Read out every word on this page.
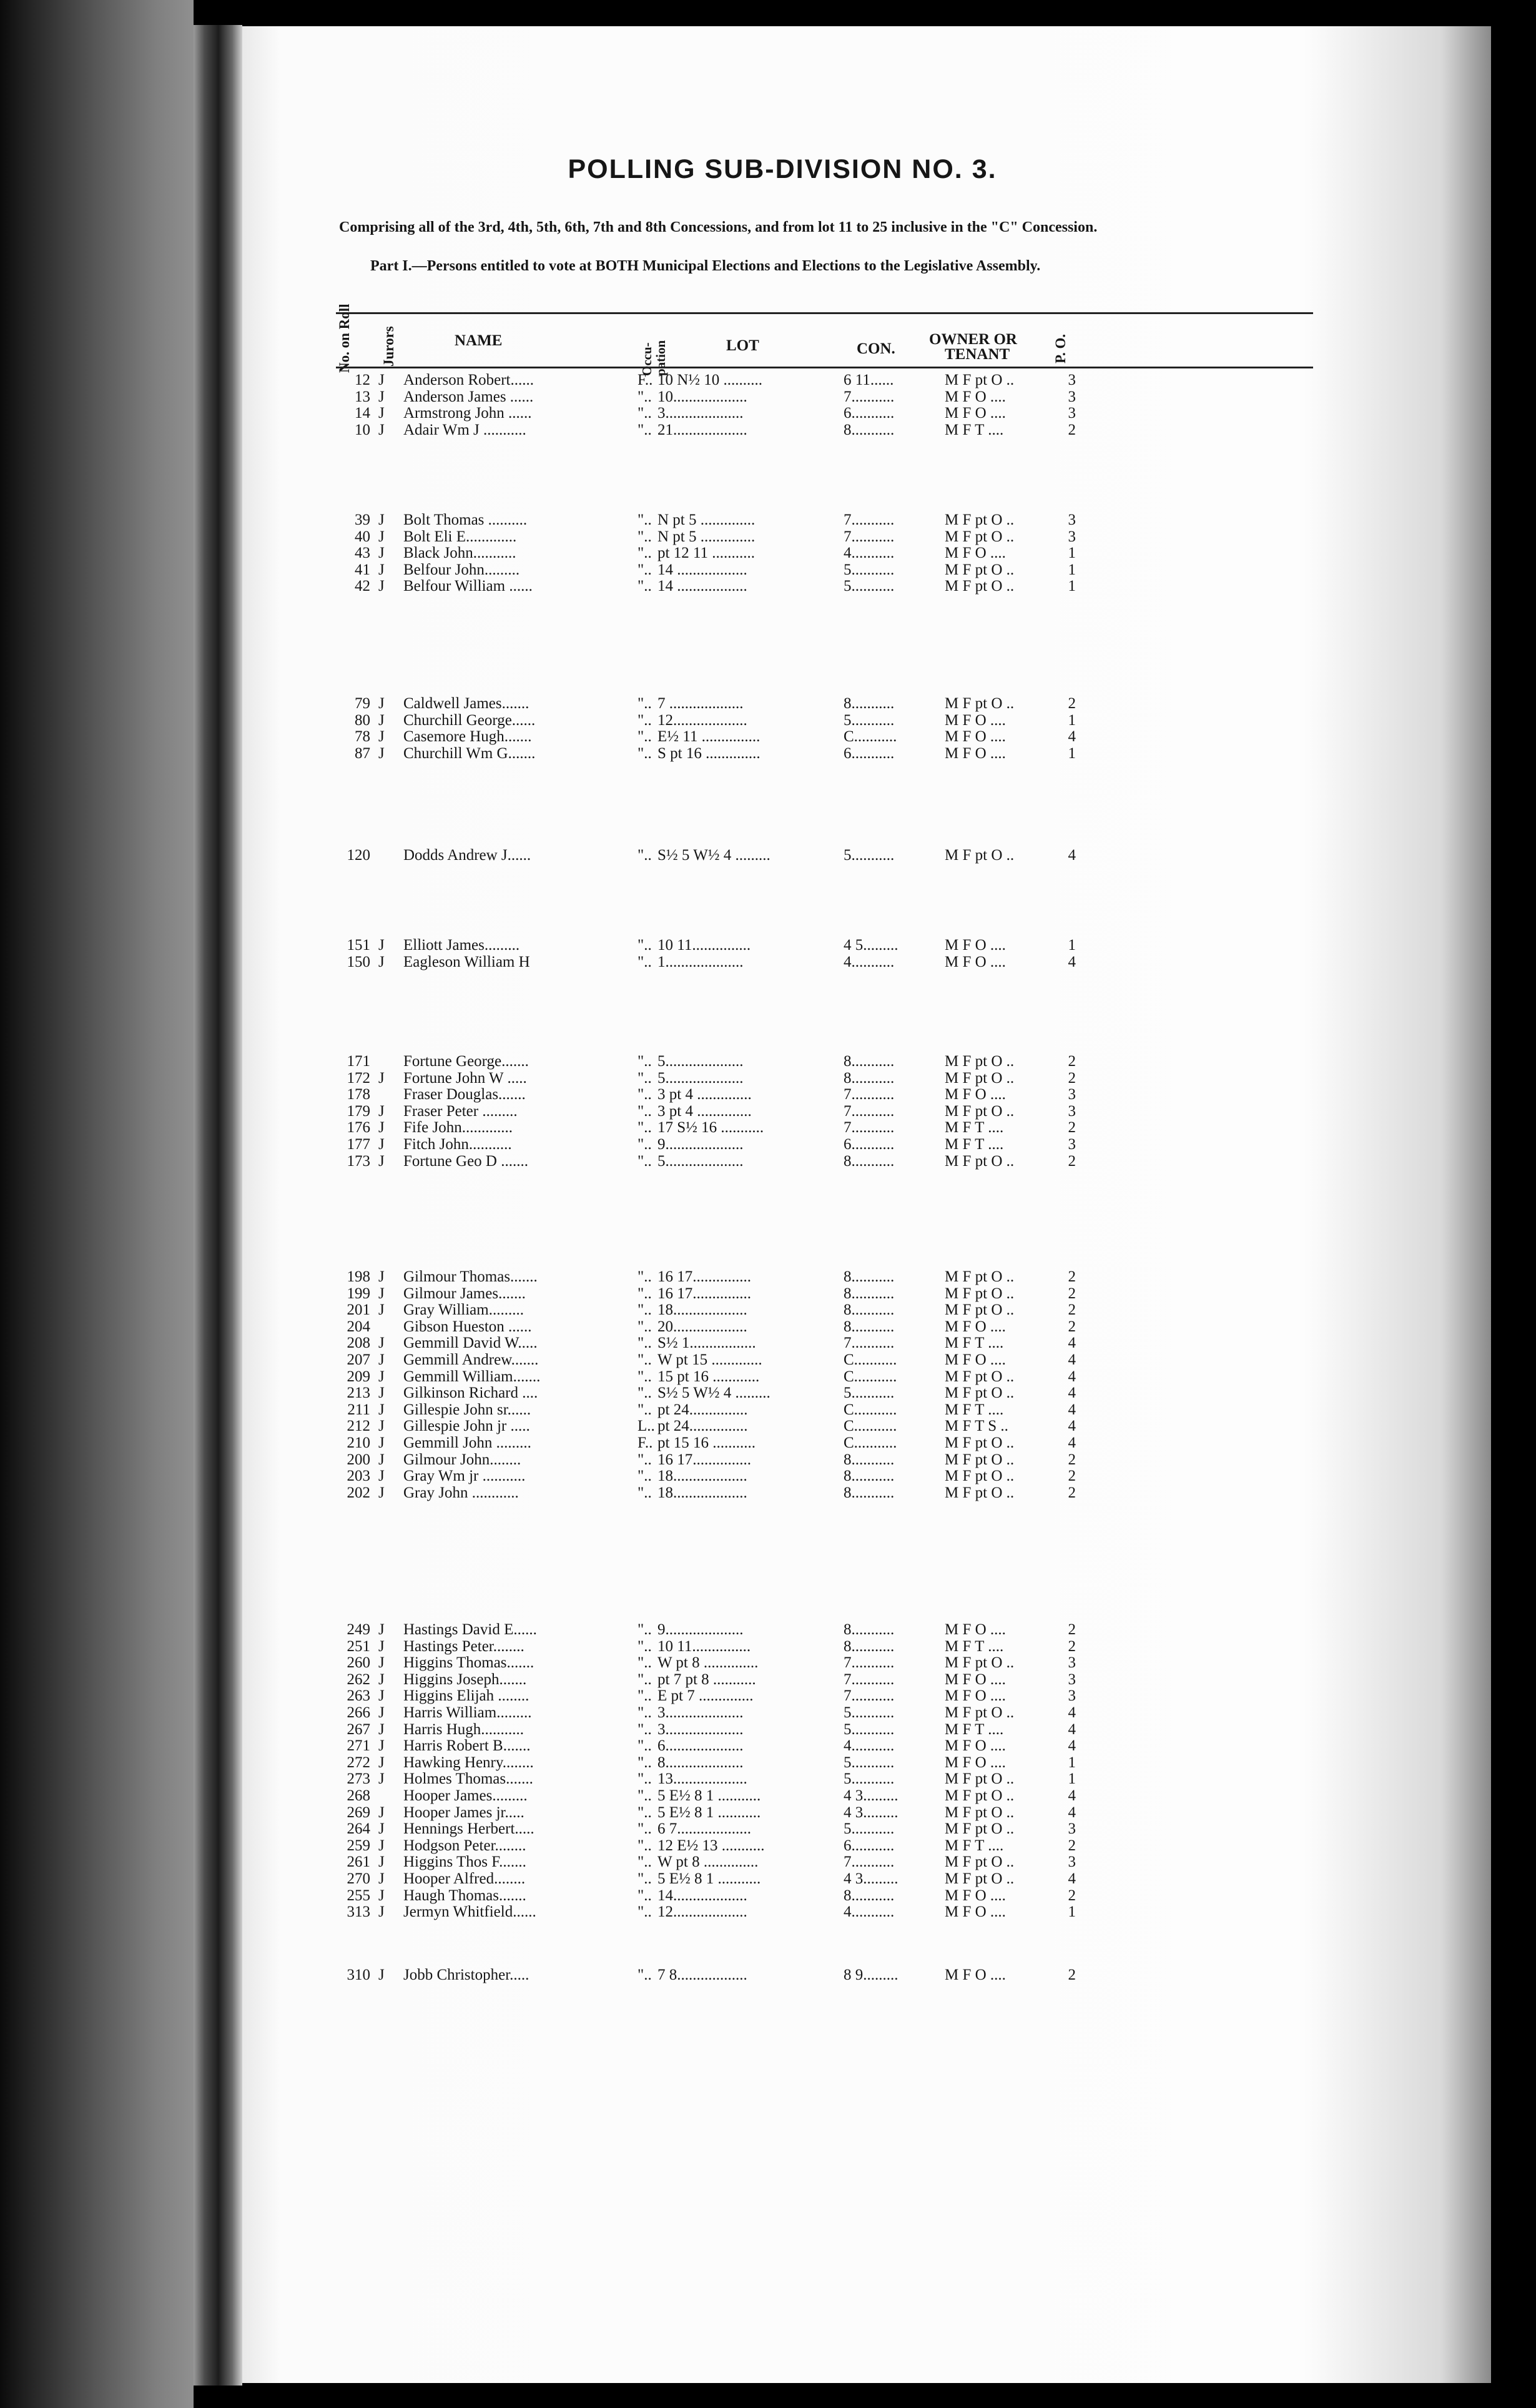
POLLING SUB-DIVISION NO. 3.
Comprising all of the 3rd, 4th, 5th, 6th, 7th and 8th Concessions, and from lot 11 to 25 inclusive in the "C" Concession.
Part I.—Persons entitled to vote at BOTH Municipal Elections and Elections to the Legislative Assembly.
No. on Roll Jurors	NAME
Occu-pation	LOT	CON.
OWNER OR
TENANT	P. O.
12 J	Anderson Robert......	F.. 10 N½ 10 ..........	6 11......	M F pt O ..	3
13 J	Anderson James ......	".. 10...................	7...........	M F O ....	3
14 J	Armstrong John ......	".. 3....................	6...........	M F O ....	3
10 J	Adair Wm J ...........	".. 21...................	8...........	M F T ....	2
39 J	Bolt Thomas ..........	".. N pt 5 ..............	7...........	M F pt O ..	3
40 J	Bolt Eli E.............	".. N pt 5 ..............	7...........	M F pt O ..	3
43 J	Black John...........	".. pt 12 11 ...........	4...........	M F O ....	1
41 J	Belfour John.........	".. 14 ..................	5...........	M F pt O ..	1
42 J	Belfour William ......	".. 14 ..................	5...........	M F pt O ..	1
79 J	Caldwell James.......	".. 7 ...................	8...........	M F pt O ..	2
80 J	Churchill George......	".. 12...................	5...........	M F O ....	1
78 J	Casemore Hugh.......	".. E½ 11 ...............	C...........	M F O ....	4
87 J	Churchill Wm G.......	".. S pt 16 ..............	6...........	M F O ....	1
120 Dodds Andrew J......	".. S½ 5 W½ 4 .........	5...........	M F pt O ..	4
151 J	Elliott James.........	".. 10 11...............	4 5.........	M F O ....	1
150 J	Eagleson William H	".. 1....................	4...........	M F O ....	4
171 Fortune George.......	".. 5....................	8...........	M F pt O ..	2
172 J	Fortune John W .....	".. 5....................	8...........	M F pt O ..	2
178 Fraser Douglas.......	".. 3 pt 4 ..............	7...........	M F O ....	3
179 J	Fraser Peter .........	".. 3 pt 4 ..............	7...........	M F pt O ..	3
176 J	Fife John.............	".. 17 S½ 16 ...........	7...........	M F T ....	2
177 J	Fitch John...........	".. 9....................	6...........	M F T ....	3
173 J	Fortune Geo D .......	".. 5....................	8...........	M F pt O ..	2
198 J	Gilmour Thomas.......	".. 16 17...............	8...........	M F pt O ..	2
199 J	Gilmour James.......	".. 16 17...............	8...........	M F pt O ..	2
201 J	Gray William.........	".. 18...................	8...........	M F pt O ..	2
204 Gibson Hueston ......	".. 20...................	8...........	M F O ....	2
208 J	Gemmill David W.....	".. S½ 1.................	7...........	M F T ....	4
207 J	Gemmill Andrew.......	".. W pt 15 .............	C...........	M F O ....	4
209 J	Gemmill William.......	".. 15 pt 16 ............	C...........	M F pt O ..	4
213 J	Gilkinson Richard ....	".. S½ 5 W½ 4 .........	5...........	M F pt O ..	4
211 J	Gillespie John sr......	".. pt 24...............	C...........	M F T ....	4
212 J	Gillespie John jr .....	L.. pt 24...............	C...........	M F T S ..	4
210 J	Gemmill John .........	F.. pt 15 16 ...........	C...........	M F pt O ..	4
200 J	Gilmour John........	".. 16 17...............	8...........	M F pt O ..	2
203 J	Gray Wm jr ...........	".. 18...................	8...........	M F pt O ..	2
202 J	Gray John ............	".. 18...................	8...........	M F pt O ..	2
249 J	Hastings David E......	".. 9....................	8...........	M F O ....	2
251 J	Hastings Peter........	".. 10 11...............	8...........	M F T ....	2
260 J	Higgins Thomas.......	".. W pt 8 ..............	7...........	M F pt O ..	3
262 J	Higgins Joseph.......	".. pt 7 pt 8 ...........	7...........	M F O ....	3
263 J	Higgins Elijah ........	".. E pt 7 ..............	7...........	M F O ....	3
266 J	Harris William.........	".. 3....................	5...........	M F pt O ..	4
267 J	Harris Hugh...........	".. 3....................	5...........	M F T ....	4
271 J	Harris Robert B.......	".. 6....................	4...........	M F O ....	4
272 J	Hawking Henry........	".. 8....................	5...........	M F O ....	1
273 J	Holmes Thomas.......	".. 13...................	5...........	M F pt O ..	1
268 Hooper James.........	".. 5 E½ 8 1 ...........	4 3.........	M F pt O ..	4
269 J	Hooper James jr.....	".. 5 E½ 8 1 ...........	4 3.........	M F pt O ..	4
264 J	Hennings Herbert.....	".. 6 7...................	5...........	M F pt O ..	3
259 J	Hodgson Peter........	".. 12 E½ 13 ...........	6...........	M F T ....	2
261 J	Higgins Thos F.......	".. W pt 8 ..............	7...........	M F pt O ..	3
270 J	Hooper Alfred........	".. 5 E½ 8 1 ...........	4 3.........	M F pt O ..	4
255 J	Haugh Thomas.......	".. 14...................	8...........	M F O ....	2
313 J	Jermyn Whitfield......	".. 12...................	4...........	M F O ....	1
310 J	Jobb Christopher.....	".. 7 8..................	8 9.........	M F O ....	2
